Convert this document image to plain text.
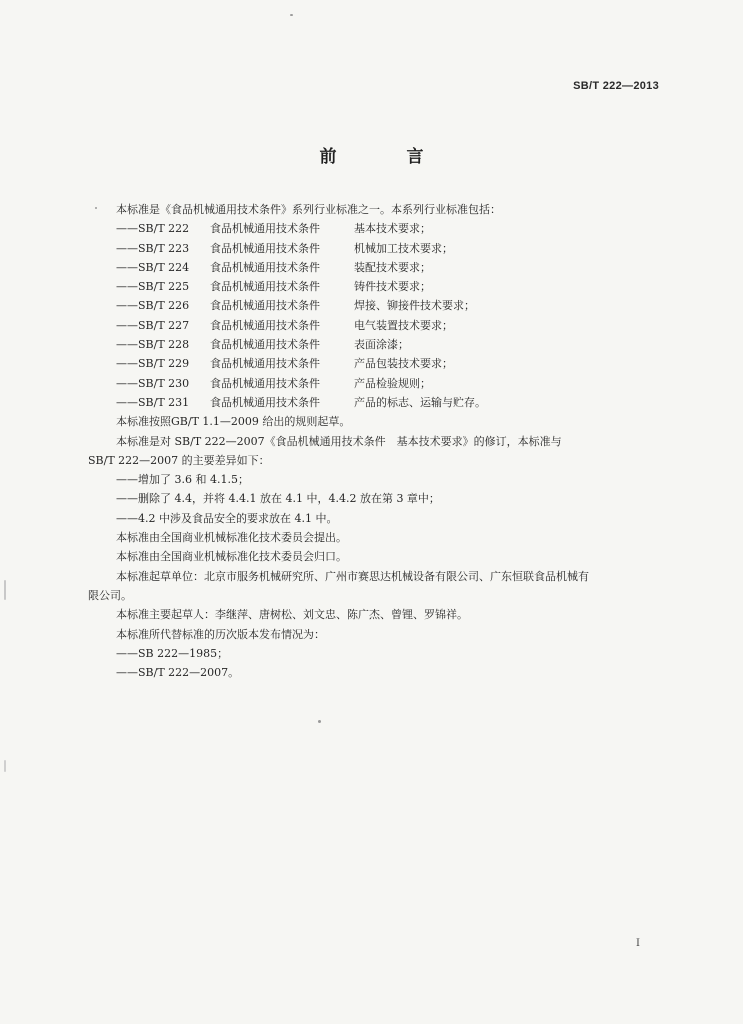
SB/T 222—2013
前 言

本标准是《食品机械通用技术条件》系列行业标准之一。本系列行业标准包括：

——SB/T 222	食品机械通用技术条件	基本技术要求；
——SB/T 223	食品机械通用技术条件	机械加工技术要求；
——SB/T 224	食品机械通用技术条件	装配技术要求；
——SB/T 225	食品机械通用技术条件	铸件技术要求；
——SB/T 226	食品机械通用技术条件	焊接、铆接件技术要求；
——SB/T 227	食品机械通用技术条件	电气装置技术要求；
——SB/T 228	食品机械通用技术条件	表面涂漆；
——SB/T 229	食品机械通用技术条件	产品包装技术要求；
——SB/T 230	食品机械通用技术条件	产品检验规则；
——SB/T 231	食品机械通用技术条件	产品的标志、运输与贮存。

本标准按照GB/T 1.1—2009 给出的规则起草。

本标准是对 SB/T 222—2007《食品机械通用技术条件　基本技术要求》的修订，本标准与

SB/T 222—2007 的主要差异如下：

——增加了 3.6 和 4.1.5；

——删除了 4.4，并将 4.4.1 放在 4.1 中，4.4.2 放在第 3 章中；

——4.2 中涉及食品安全的要求放在 4.1 中。

本标准由全国商业机械标准化技术委员会提出。

本标准由全国商业机械标准化技术委员会归口。

本标准起草单位：北京市服务机械研究所、广州市赛思达机械设备有限公司、广东恒联食品机械有

限公司。

本标准主要起草人：李继萍、唐树松、刘文忠、陈广杰、曾锂、罗锦祥。

本标准所代替标准的历次版本发布情况为：

——SB 222—1985；

——SB/T 222—2007。

I
